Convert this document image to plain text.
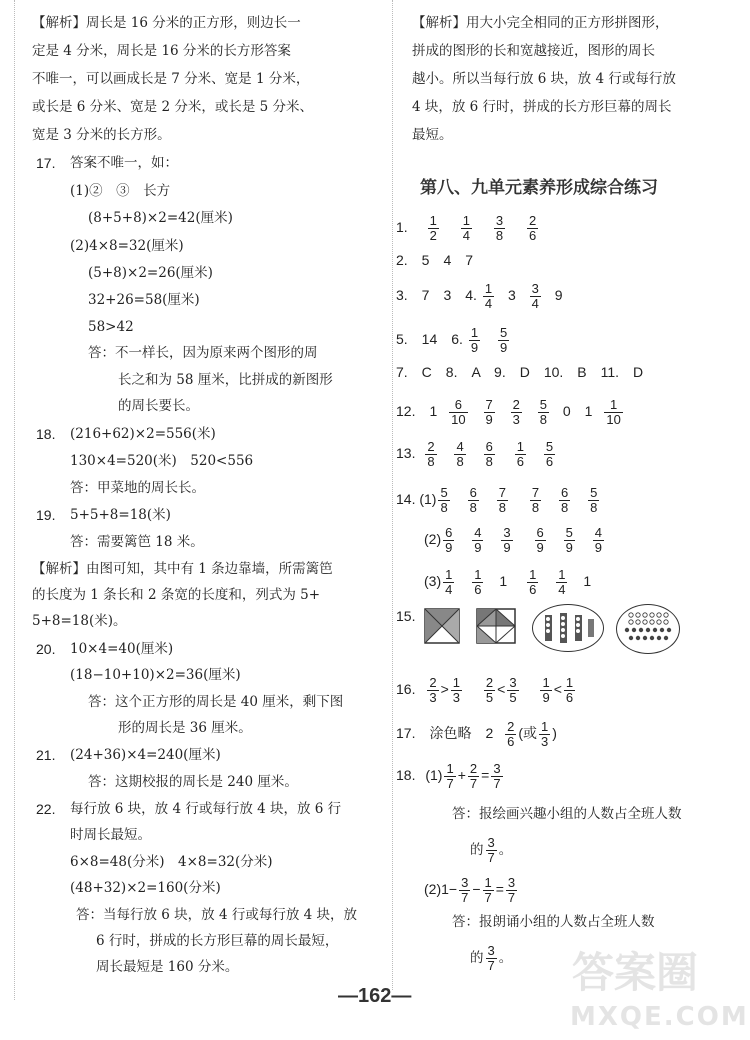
【解析】周长是 16 分米的正方形，则边长一
定是 4 分米，周长是 16 分米的长方形答案
不唯一，可以画成长是 7 分米、宽是 1 分米，
或长是 6 分米、宽是 2 分米，或长是 5 分米、
宽是 3 分米的长方形。
17. 答案不唯一，如：
(1)②　③　长方
(8+5+8)×2=42(厘米)
(2)4×8=32(厘米)
(5+8)×2=26(厘米)
32+26=58(厘米)
58>42
答：不一样长，因为原来两个图形的周
长之和为 58 厘米，比拼成的新图形
的周长要长。
18. (216+62)×2=556(米)
130×4=520(米)　520<556
答：甲菜地的周长长。
19. 5+5+8=18(米)
答：需要篱笆 18 米。
【解析】由图可知，其中有 1 条边靠墙，所需篱笆
的长度为 1 条长和 2 条宽的长度和，列式为 5+
5+8=18(米)。
20. 10×4=40(厘米)
(18−10+10)×2=36(厘米)
答：这个正方形的周长是 40 厘米，剩下图
形的周长是 36 厘米。
21. (24+36)×4=240(厘米)
答：这期校报的周长是 240 厘米。
22. 每行放 6 块，放 4 行或每行放 4 块，放 6 行
时周长最短。
6×8=48(分米)　4×8=32(分米)
(48+32)×2=160(分米)
答：当每行放 6 块，放 4 行或每行放 4 块，放
6 行时，拼成的长方形巨幕的周长最短，
周长最短是 160 分米。
【解析】用大小完全相同的正方形拼图形，
拼成的图形的长和宽越接近，图形的周长
越小。所以当每行放 6 块，放 4 行或每行放
4 块，放 6 行时，拼成的长方形巨幕的周长
最短。
第八、九单元素养形成综合练习
1. $\frac{1}{2}$
$\frac{1}{4}$
$\frac{3}{8}$
$\frac{2}{6}$
2.　5　4　7
3.　7　3　4. $\frac{1}{4} 3 \frac{3}{4} 9$
5.　14　6. $\frac{1}{9}$
$\frac{5}{9}$
7.　C　8.　A　9.　D　10.　B　11.　D
12.　$1 \frac{6}{10}$
$\frac{7}{9}$
$\frac{2}{3}$
$\frac{5}{8} 0$　$1 \frac{1}{10}$
13. $\frac{2}{8}$
$\frac{4}{8}$
$\frac{6}{8}$
$\frac{1}{6}$
$\frac{5}{6}$
14. $(1) \frac{5}{8}$
$\frac{6}{8}$
$\frac{7}{8}$
$\frac{7}{8}$
$\frac{6}{8}$
$\frac{5}{8}$
$(2) \frac{6}{9}$
$\frac{4}{9}$
$\frac{3}{9}$
$\frac{6}{9}$
$\frac{5}{9}$
$\frac{4}{9}$
$(3) \frac{1}{4}$
$\frac{1}{6} 1 \frac{1}{6}$
$\frac{1}{4} 1$
15.
16. $\frac{2}{3} > \frac{1}{3}$
$\frac{2}{5} < \frac{3}{5}$
$\frac{1}{9} < \frac{1}{6}$
17.　涂色略　$2 \frac{2}{6}$ (或 $\frac{1}{3}$ )
18. $(1) \frac{1}{7} + \frac{2}{7} = \frac{3}{7}$
答：报绘画兴趣小组的人数占全班人数
的 $\frac{3}{7}$ 。
$(2)1- \frac{3}{7} - \frac{1}{7} = \frac{3}{7}$
答：报朗诵小组的人数占全班人数
的 $\frac{3}{7}$ 。
—162—	答案圈
MXQE.COM
